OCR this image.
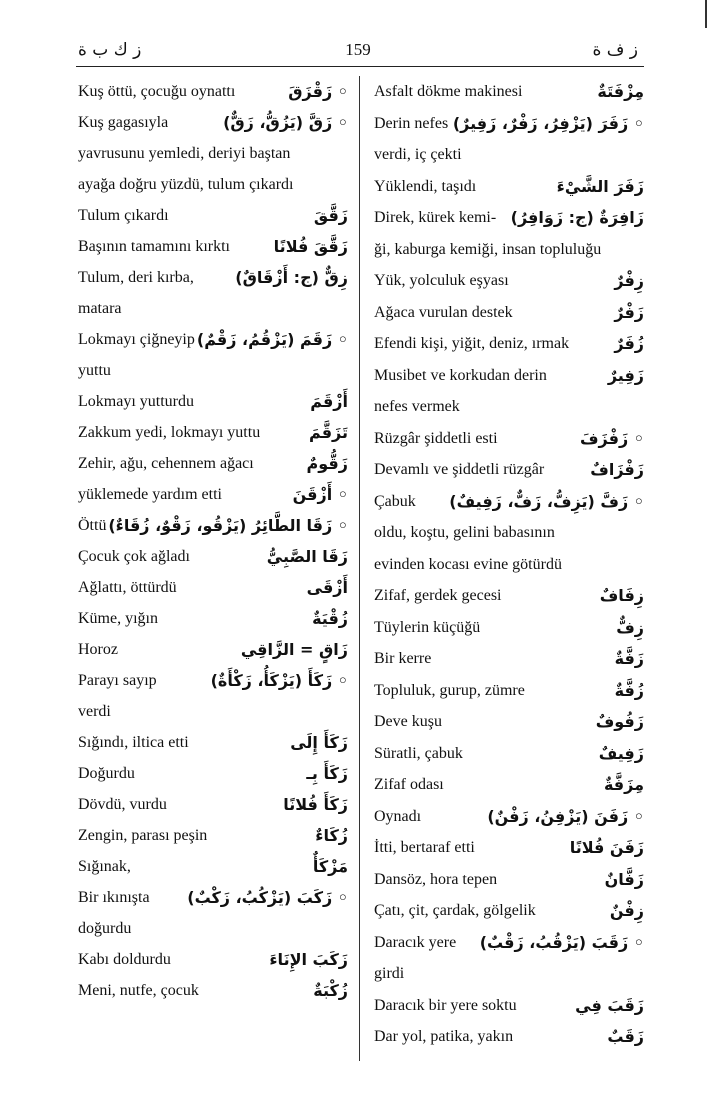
ز ك ب ة	159	ز ف ة
Kuş öttü, çocuğu oynattı	◦ زَقْزَقَ
Kuş gagasıyla	◦ زَقَّ (يَزُقُّ، زَقٌّ)
yavrusunu yemledi, deriyi baştan
ayağa doğru yüzdü, tulum çıkardı
Tulum çıkardı	زَقَّقَ
Başının tamamını kırktı	زَقَّقَ فُلانًا
Tulum, deri kırba,	زِقٌّ (ج: أَزْقَاقٌ)
matara
Lokmayı çiğneyip ◦ زَقَمَ (يَزْقُمُ، زَقْمٌ)
yuttu
Lokmayı yutturdu	أَزْقَمَ
Zakkum yedi, lokmayı yuttu	تَزَقَّمَ
Zehir, ağu, cehennem ağacı	زَقُّومٌ
yüklemede yardım etti	◦ أَزْقَنَ
Öttü ◦ زَقَا الطَّائِرُ (يَزْقُو، زَقْوٌ، زُقَاءٌ)
Çocuk çok ağladı	زَقَا الصَّبِيُّ
Ağlattı, öttürdü	أَزْقَى
Küme, yığın	زُقْيَةٌ
Horoz	زَاقٍ = الزَّاقِي
Parayı sayıp	◦ زَكَأَ (يَزْكَأُ، زَكْأَةٌ)
verdi
Sığındı, iltica etti	زَكَأَ إِلَى
Doğurdu	زَكَأَ بِـ
Dövdü, vurdu	زَكَأَ فُلانًا
Zengin, parası peşin	زُكَاءٌ
Sığınak,	مَزْكَأٌ
Bir ıkınışta ◦ زَكَبَ (يَزْكُبُ، زَكْبٌ)
doğurdu
Kabı doldurdu	زَكَبَ الإِنَاءَ
Meni, nutfe, çocuk	زُكْبَةٌ
Asfalt dökme makinesi	مِزْفَتَةٌ
Derin nefes ◦ زَفَرَ (يَزْفِرُ، زَفْرٌ، زَفِيرٌ)
verdi, iç çekti
Yüklendi, taşıdı	زَفَرَ الشَّيْءَ
Direk, kürek kemi- زَافِرَةٌ (ج: زَوَافِرُ)
ği, kaburga kemiği, insan topluluğu
Yük, yolculuk eşyası	زِفْرٌ
Ağaca vurulan destek	زَفْرٌ
Efendi kişi, yiğit, deniz, ırmak	زُفَرٌ
Musibet ve korkudan derin	زَفِيرٌ
nefes vermek
Rüzgâr şiddetli esti	◦ زَفْزَفَ
Devamlı ve şiddetli rüzgâr	زَفْزَافٌ
Çabuk ◦ زَفَّ (يَزِفُّ، زَفٌّ، زَفِيفٌ)
oldu, koştu, gelini babasının
evinden kocası evine götürdü
Zifaf, gerdek gecesi	زِفَافٌ
Tüylerin küçüğü	زِفٌّ
Bir kerre	زَفَّةٌ
Topluluk, gurup, zümre	زُفَّةٌ
Deve kuşu	زَفُوفٌ
Süratli, çabuk	زَفِيفٌ
Zifaf odası	مِزَفَّةٌ
Oynadı	◦ زَفَنَ (يَزْفِنُ، زَفْنٌ)
İtti, bertaraf etti	زَفَنَ فُلانًا
Dansöz, hora tepen	زَفَّانٌ
Çatı, çit, çardak, gölgelik	زِفْنٌ
Daracık yere ◦ زَقَبَ (يَزْقُبُ، زَقْبٌ)
girdi
Daracık bir yere soktu	زَقَبَ فِي
Dar yol, patika, yakın	زَقَبٌ
